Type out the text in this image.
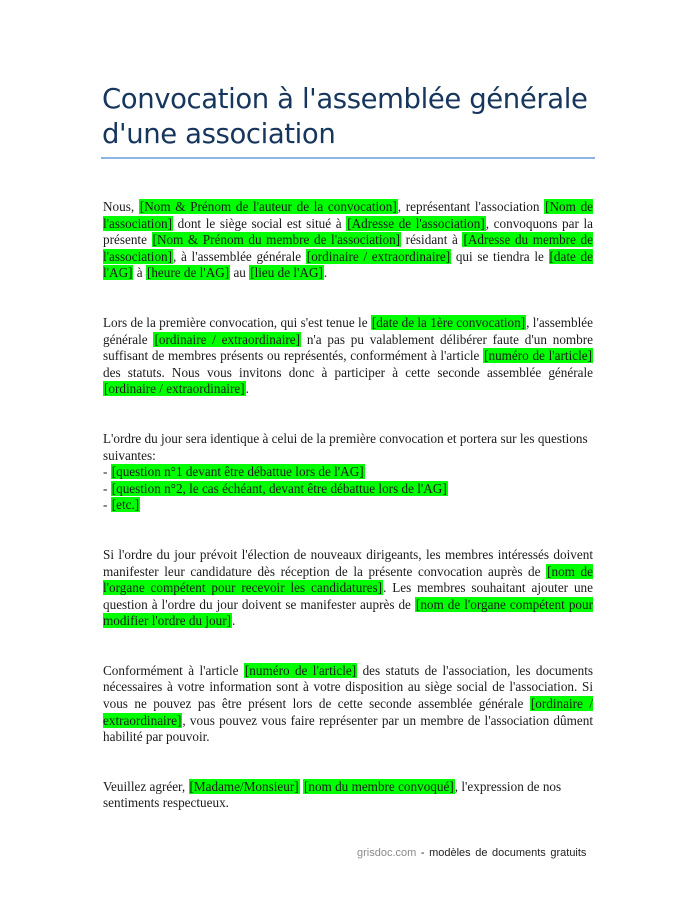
Convocation à l'assemblée générale
d'une association

Nous, [Nom & Prénom de l'auteur de la convocation], représentant l'association [Nom de l'association] dont le siège social est situé à [Adresse de l'association], convoquons par la présente [Nom & Prénom du membre de l'association] résidant à [Adresse du membre de l'association], à l'assemblée générale [ordinaire / extraordinaire] qui se tiendra le [date de l'AG] à [heure de l'AG] au [lieu de l'AG].

Lors de la première convocation, qui s'est tenue le [date de la 1ère convocation], l'assemblée générale [ordinaire / extraordinaire] n'a pas pu valablement délibérer faute d'un nombre suffisant de membres présents ou représentés, conformément à l'article [numéro de l'article] des statuts. Nous vous invitons donc à participer à cette seconde assemblée générale [ordinaire / extraordinaire].

L'ordre du jour sera identique à celui de la première convocation et portera sur les questions suivantes:
- [question n°1 devant être débattue lors de l'AG]
- [question n°2, le cas échéant, devant être débattue lors de l'AG]
- [etc.]

Si l'ordre du jour prévoit l'élection de nouveaux dirigeants, les membres intéressés doivent manifester leur candidature dès réception de la présente convocation auprès de [nom de l'organe compétent pour recevoir les candidatures]. Les membres souhaitant ajouter une question à l'ordre du jour doivent se manifester auprès de [nom de l'organe compétent pour modifier l'ordre du jour].

Conformément à l'article [numéro de l'article] des statuts de l'association, les documents nécessaires à votre information sont à votre disposition au siège social de l'association. Si vous ne pouvez pas être présent lors de cette seconde assemblée générale [ordinaire / extraordinaire], vous pouvez vous faire représenter par un membre de l'association dûment habilité par pouvoir.

Veuillez agréer, [Madame/Monsieur] [nom du membre convoqué], l'expression de nos sentiments respectueux.

grisdoc.com - modèles de documents gratuits
